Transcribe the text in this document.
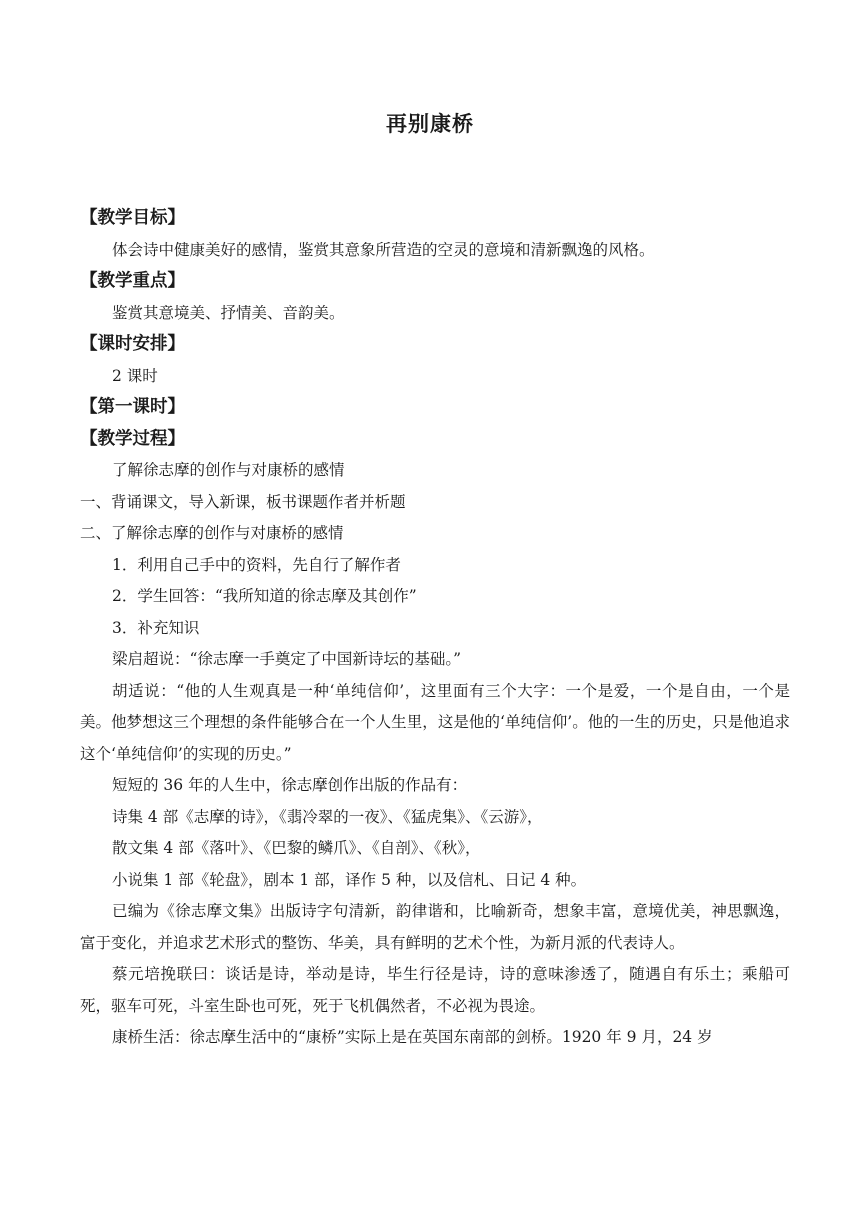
再别康桥
【教学目标】

体会诗中健康美好的感情，鉴赏其意象所营造的空灵的意境和清新飘逸的风格。

【教学重点】

鉴赏其意境美、抒情美、音韵美。

【课时安排】

2 课时

【第一课时】
【教学过程】

了解徐志摩的创作与对康桥的感情

一、背诵课文，导入新课，板书课题作者并析题

二、了解徐志摩的创作与对康桥的感情

1．利用自己手中的资料，先自行了解作者

2．学生回答：“我所知道的徐志摩及其创作”

3．补充知识

梁启超说：“徐志摩一手奠定了中国新诗坛的基础。”

胡适说：“他的人生观真是一种‘单纯信仰’，这里面有三个大字：一个是爱，一个是自由，一个是美。他梦想这三个理想的条件能够合在一个人生里，这是他的‘单纯信仰’。他的一生的历史，只是他追求这个‘单纯信仰’的实现的历史。”

短短的 36 年的人生中，徐志摩创作出版的作品有：

诗集 4 部《志摩的诗》，《翡冷翠的一夜》、《猛虎集》、《云游》，

散文集 4 部《落叶》、《巴黎的鳞爪》、《自剖》、《秋》，

小说集 1 部《轮盘》，剧本 1 部，译作 5 种，以及信札、日记 4 种。

已编为《徐志摩文集》出版诗字句清新，韵律谐和，比喻新奇，想象丰富，意境优美，神思飘逸，富于变化，并追求艺术形式的整饬、华美，具有鲜明的艺术个性，为新月派的代表诗人。

蔡元培挽联曰：谈话是诗，举动是诗，毕生行径是诗，诗的意味渗透了，随遇自有乐土；乘船可死，驱车可死，斗室生卧也可死，死于飞机偶然者，不必视为畏途。

康桥生活：徐志摩生活中的“康桥”实际上是在英国东南部的剑桥。1920 年 9 月，24 岁
